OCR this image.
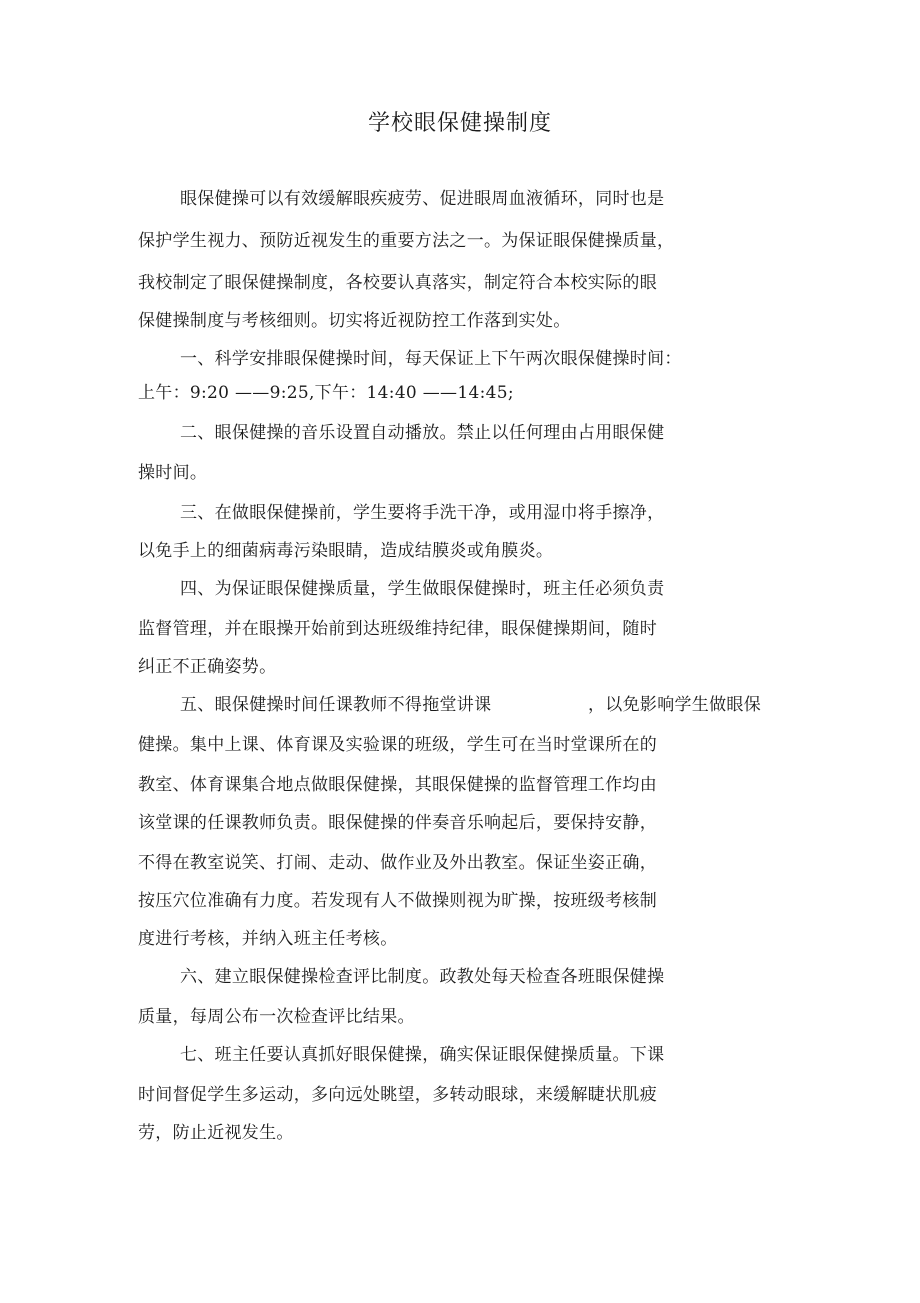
学校眼保健操制度
眼保健操可以有效缓解眼疾疲劳、促进眼周血液循环，同时也是
保护学生视力、预防近视发生的重要方法之一。为保证眼保健操质量，
我校制定了眼保健操制度，各校要认真落实，制定符合本校实际的眼
保健操制度与考核细则。切实将近视防控工作落到实处。
一、科学安排眼保健操时间，每天保证上下午两次眼保健操时间：
上午：9:20 ——9:25,下午：14:40 ——14:45;
二、眼保健操的音乐设置自动播放。禁止以任何理由占用眼保健
操时间。
三、在做眼保健操前，学生要将手洗干净，或用湿巾将手擦净，
以免手上的细菌病毒污染眼睛，造成结膜炎或角膜炎。
四、为保证眼保健操质量，学生做眼保健操时，班主任必须负责
监督管理，并在眼操开始前到达班级维持纪律，眼保健操期间，随时
纠正不正确姿势。
五、眼保健操时间任课教师不得拖堂讲课	，以免影响学生做眼保
健操。集中上课、体育课及实验课的班级，学生可在当时堂课所在的
教室、体育课集合地点做眼保健操，其眼保健操的监督管理工作均由
该堂课的任课教师负责。眼保健操的伴奏音乐响起后，要保持安静，
不得在教室说笑、打闹、走动、做作业及外出教室。保证坐姿正确，
按压穴位准确有力度。若发现有人不做操则视为旷操，按班级考核制
度进行考核，并纳入班主任考核。
六、建立眼保健操检查评比制度。政教处每天检查各班眼保健操
质量，每周公布一次检查评比结果。
七、班主任要认真抓好眼保健操，确实保证眼保健操质量。下课
时间督促学生多运动，多向远处眺望，多转动眼球，来缓解睫状肌疲
劳，防止近视发生。
